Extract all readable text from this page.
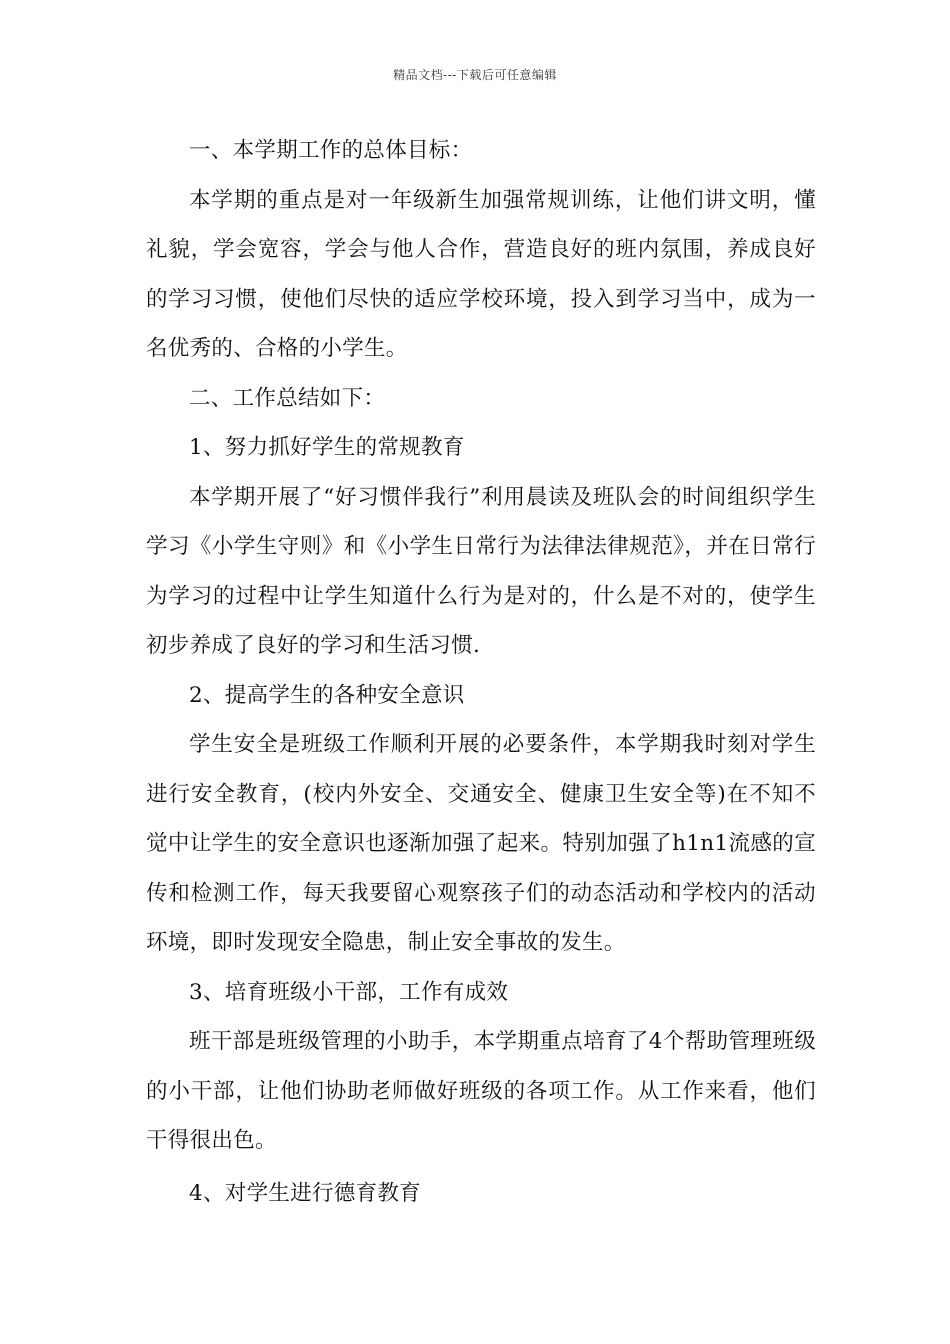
精品文档---下载后可任意编辑

一、本学期工作的总体目标：

本学期的重点是对一年级新生加强常规训练，让他们讲文明，懂礼貌，学会宽容，学会与他人合作，营造良好的班内氛围，养成良好的学习习惯，使他们尽快的适应学校环境，投入到学习当中，成为一名优秀的、合格的小学生。

二、工作总结如下：

1、努力抓好学生的常规教育

本学期开展了“好习惯伴我行”利用晨读及班队会的时间组织学生学习《小学生守则》和《小学生日常行为法律法律规范》，并在日常行为学习的过程中让学生知道什么行为是对的，什么是不对的，使学生初步养成了良好的学习和生活习惯.

2、提高学生的各种安全意识

学生安全是班级工作顺利开展的必要条件，本学期我时刻对学生进行安全教育，(校内外安全、交通安全、健康卫生安全等)在不知不觉中让学生的安全意识也逐渐加强了起来。特别加强了h1n1流感的宣传和检测工作，每天我要留心观察孩子们的动态活动和学校内的活动环境，即时发现安全隐患，制止安全事故的发生。

3、培育班级小干部，工作有成效

班干部是班级管理的小助手，本学期重点培育了4个帮助管理班级的小干部，让他们协助老师做好班级的各项工作。从工作来看，他们干得很出色。

4、对学生进行德育教育
